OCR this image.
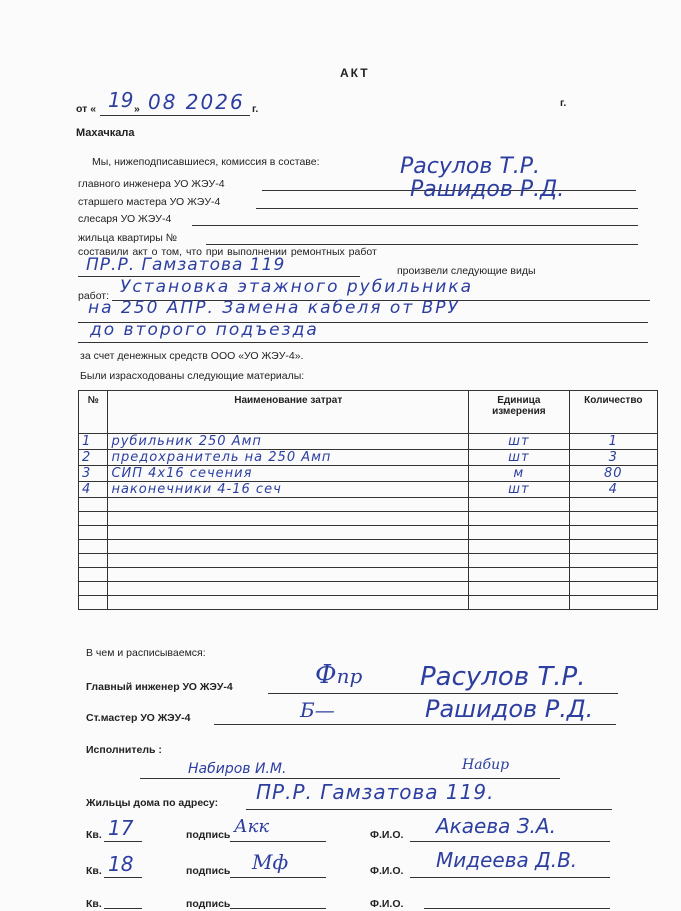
АКТ
от « 19 » 08 2026 г.	г.
Махачкала
Мы, нижеподписавшиеся, комиссия в составе:	Расулов Т.Р.
главного инженера УО ЖЭУ-4	Рашидов Р.Д.
старшего мастера УО ЖЭУ-4
слесаря УО ЖЭУ-4
жильца квартиры №
составили акт о том, что при выполнении ремонтных работ
ПР.Р. Гамзатова 119	произвели следующие виды
работ: Установка этажного рубильника
на 250 АПР. Замена кабеля от ВРУ
до второго подъезда
за счет денежных средств ООО «УО ЖЭУ-4».
Были израсходованы следующие материалы:
№	Наименование затрат	Единица измерения	Количество
1	рубильник 250 Амп	шт	1
2	предохранитель на 250 Амп	шт	3
3	СИП 4х16 сечения	м	80
4	наконечники 4-16 сеч	шт	4

В чем и расписываемся:
Главный инженер УО ЖЭУ-4	Фпр Расулов Т.Р.
Ст.мастер УО ЖЭУ-4	Б—	Рашидов Р.Д.
Исполнитель :
Набиров И.М.	Набир
Жильцы дома по адресу: ПР.Р. Гамзатова 119.
Кв. 17	подпись Акк	Ф.И.О. Акаева З.А.
Кв. 18	подпись Мф	Ф.И.О. Мидеева Д.В.
Кв.	подпись	Ф.И.О.
